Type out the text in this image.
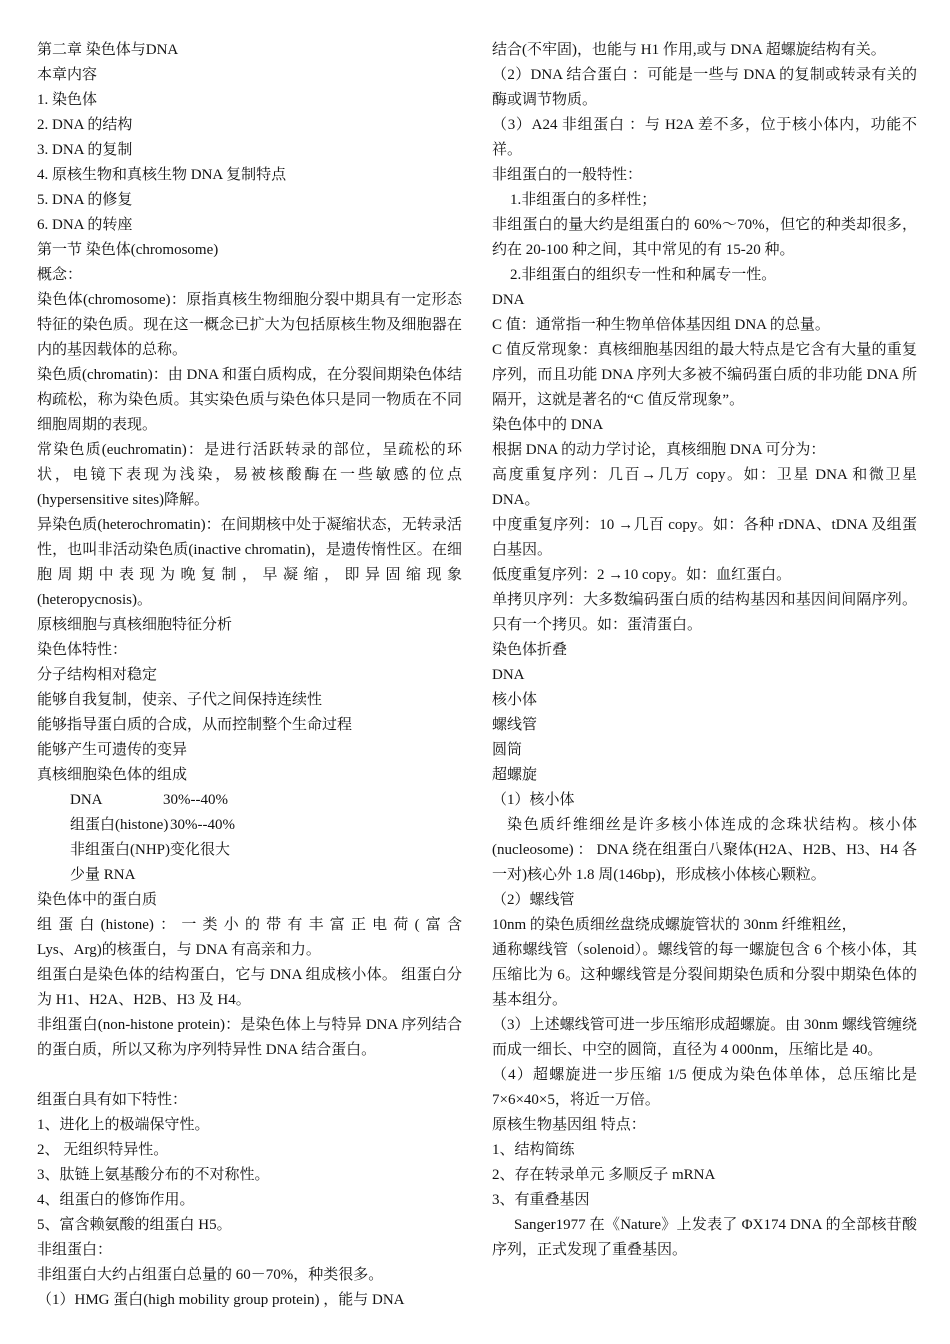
第二章 染色体与DNA
本章内容
1. 染色体
2. DNA 的结构
3. DNA 的复制
4. 原核生物和真核生物 DNA 复制特点
5. DNA 的修复
6. DNA 的转座
第一节 染色体(chromosome)
概念：
染色体(chromosome)：原指真核生物细胞分裂中期具有一定形态特征的染色质。现在这一概念已扩大为包括原核生物及细胞器在内的基因载体的总称。
染色质(chromatin)：由 DNA 和蛋白质构成，在分裂间期染色体结构疏松，称为染色质。其实染色质与染色体只是同一物质在不同细胞周期的表现。
常染色质(euchromatin)：是进行活跃转录的部位，呈疏松的环状，电镜下表现为浅染，易被核酸酶在一些敏感的位点(hypersensitive sites)降解。
异染色质(heterochromatin)：在间期核中处于凝缩状态，无转录活性，也叫非活动染色质(inactive chromatin)，是遗传惰性区。在细胞周期中表现为晚复制，早凝缩，即异固缩现象(heteropycnosis)。
原核细胞与真核细胞特征分析
染色体特性：
分子结构相对稳定
能够自我复制，使亲、子代之间保持连续性
能够指导蛋白质的合成，从而控制整个生命过程
能够产生可遗传的变异
真核细胞染色体的组成
DNA	30%--40%
组蛋白(histone) 30%--40%
非组蛋白(NHP)变化很大
少量 RNA
染色体中的蛋白质
组蛋白(histone)：一类小的带有丰富正电荷(富含
Lys、Arg)的核蛋白，与 DNA 有高亲和力。
组蛋白是染色体的结构蛋白，它与 DNA 组成核小体。 组蛋白分为 H1、H2A、H2B、H3 及 H4。
非组蛋白(non-histone protein)：是染色体上与特异 DNA 序列结合的蛋白质，所以又称为序列特异性 DNA 结合蛋白。
组蛋白具有如下特性：
1、进化上的极端保守性。
2、 无组织特异性。
3、肽链上氨基酸分布的不对称性。
4、组蛋白的修饰作用。
5、富含赖氨酸的组蛋白 H5。
非组蛋白：
非组蛋白大约占组蛋白总量的 60－70%，种类很多。
（1）HMG 蛋白(high mobility group protein) ，能与 DNA
结合(不牢固)，也能与 H1 作用,或与 DNA 超螺旋结构有关。
（2）DNA 结合蛋白 ：可能是一些与 DNA 的复制或转录有关的酶或调节物质。
（3）A24 非组蛋白 ：与 H2A 差不多，位于核小体内，功能不祥。
非组蛋白的一般特性：
1.非组蛋白的多样性；
非组蛋白的量大约是组蛋白的 60%～70%，但它的种类却很多，约在 20-100 种之间，其中常见的有 15-20 种。
2.非组蛋白的组织专一性和种属专一性。
DNA
C 值：通常指一种生物单倍体基因组 DNA 的总量。
C 值反常现象：真核细胞基因组的最大特点是它含有大量的重复序列，而且功能 DNA 序列大多被不编码蛋白质的非功能 DNA 所隔开，这就是著名的“C 值反常现象”。
染色体中的 DNA
根据 DNA 的动力学讨论，真核细胞 DNA 可分为：
高度重复序列：几百→几万 copy。如：卫星 DNA 和微卫星 DNA。
中度重复序列：10 →几百 copy。如：各种 rDNA、tDNA 及组蛋白基因。
低度重复序列：2 →10 copy。如：血红蛋白。
单拷贝序列：大多数编码蛋白质的结构基因和基因间间隔序列。只有一个拷贝。如：蛋清蛋白。
染色体折叠
DNA
核小体
螺线管
圆筒
超螺旋
（1）核小体
染色质纤维细丝是许多核小体连成的念珠状结构。核小体 (nucleosome) ： DNA 绕在组蛋白八聚体(H2A、H2B、H3、H4 各一对)核心外 1.8 周(146bp)，形成核小体核心颗粒。
（2）螺线管
10nm 的染色质细丝盘绕成螺旋管状的 30nm 纤维粗丝，
通称螺线管（solenoid）。螺线管的每一螺旋包含 6 个核小体，其压缩比为 6。这种螺线管是分裂间期染色质和分裂中期染色体的基本组分。
（3）上述螺线管可进一步压缩形成超螺旋。由 30nm 螺线管缠绕而成一细长、中空的圆筒，直径为 4 000nm，压缩比是 40。
（4）超螺旋进一步压缩 1/5 便成为染色体单体，总压缩比是 7×6×40×5，将近一万倍。
原核生物基因组 特点：
1、结构简练
2、存在转录单元 多顺反子 mRNA
3、有重叠基因
Sanger1977 在《Nature》上发表了 ΦX174 DNA 的全部核苷酸序列，正式发现了重叠基因。
